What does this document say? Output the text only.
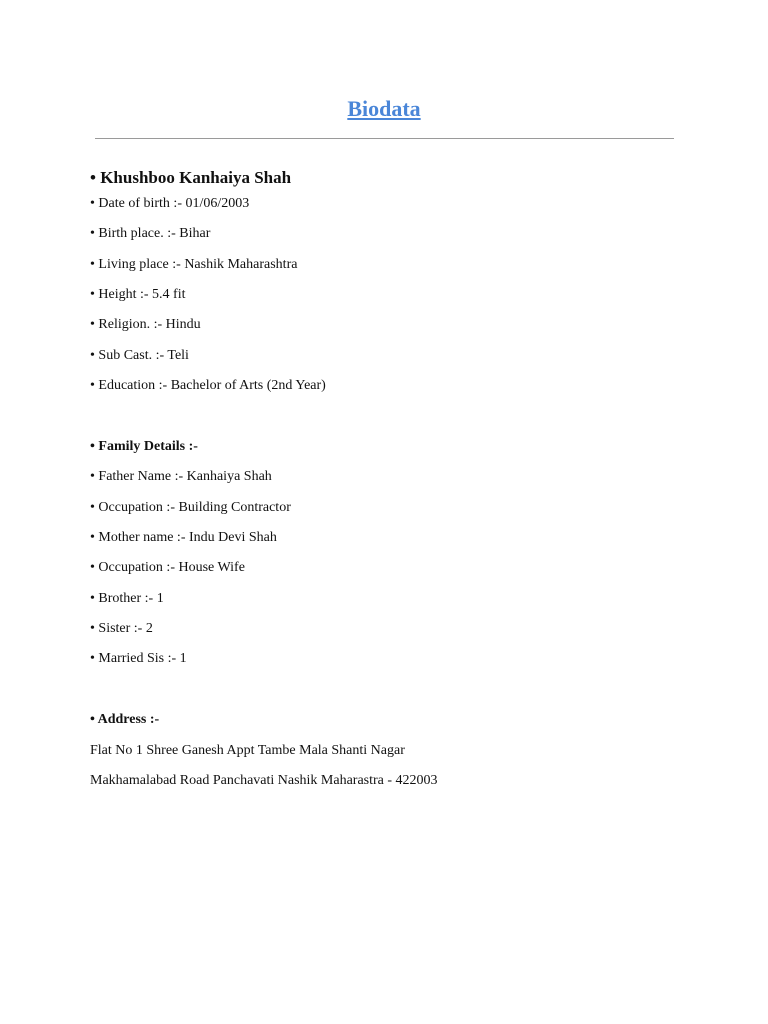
Biodata
• Khushboo Kanhaiya Shah
• Date of birth :- 01/06/2003
• Birth place. :- Bihar
• Living place :- Nashik Maharashtra
• Height :- 5.4 fit
• Religion. :- Hindu
• Sub Cast. :- Teli
• Education :- Bachelor of Arts (2nd Year)
• Family Details :-
• Father Name :- Kanhaiya Shah
• Occupation :- Building Contractor
• Mother name :- Indu Devi Shah
• Occupation :- House Wife
• Brother :- 1
• Sister :- 2
• Married Sis :- 1
• Address :-
Flat No 1 Shree Ganesh Appt Tambe Mala Shanti Nagar
Makhamalabad Road Panchavati Nashik Maharastra - 422003
